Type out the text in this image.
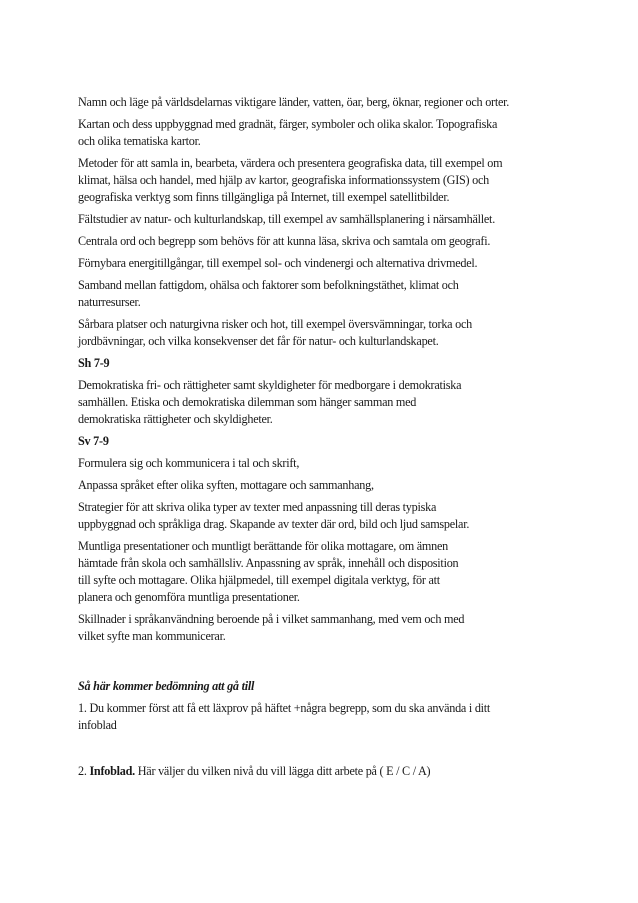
Namn och läge på världsdelarnas viktigare länder, vatten, öar, berg, öknar, regioner och orter.

Kartan och dess uppbyggnad med gradnät, färger, symboler och olika skalor. Topografiska
och olika tematiska kartor.

Metoder för att samla in, bearbeta, värdera och presentera geografiska data, till exempel om
klimat, hälsa och handel, med hjälp av kartor, geografiska informationssystem (GIS) och
geografiska verktyg som finns tillgängliga på Internet, till exempel satellitbilder.

Fältstudier av natur- och kulturlandskap, till exempel av samhällsplanering i närsamhället.

Centrala ord och begrepp som behövs för att kunna läsa, skriva och samtala om geografi.

Förnybara energitillgångar, till exempel sol- och vindenergi och alternativa drivmedel.

Samband mellan fattigdom, ohälsa och faktorer som befolkningstäthet, klimat och
naturresurser.

Sårbara platser och naturgivna risker och hot, till exempel översvämningar, torka och
jordbävningar, och vilka konsekvenser det får för natur- och kulturlandskapet.

Sh 7-9

Demokratiska fri- och rättigheter samt skyldigheter för medborgare i demokratiska
samhällen. Etiska och demokratiska dilemman som hänger samman med
demokratiska rättigheter och skyldigheter.

Sv 7-9

Formulera sig och kommunicera i tal och skrift,

Anpassa språket efter olika syften, mottagare och sammanhang,

Strategier för att skriva olika typer av texter med anpassning till deras typiska
uppbyggnad och språkliga drag. Skapande av texter där ord, bild och ljud samspelar.

Muntliga presentationer och muntligt berättande för olika mottagare, om ämnen
hämtade från skola och samhällsliv. Anpassning av språk, innehåll och disposition
till syfte och mottagare. Olika hjälpmedel, till exempel digitala verktyg, för att
planera och genomföra muntliga presentationer.

Skillnader i språkanvändning beroende på i vilket sammanhang, med vem och med
vilket syfte man kommunicerar.

Så här kommer bedömning att gå till

1. Du kommer först att få ett läxprov på häftet +några begrepp, som du ska använda i ditt
infoblad

2. Infoblad. Här väljer du vilken nivå du vill lägga ditt arbete på ( E / C / A)
